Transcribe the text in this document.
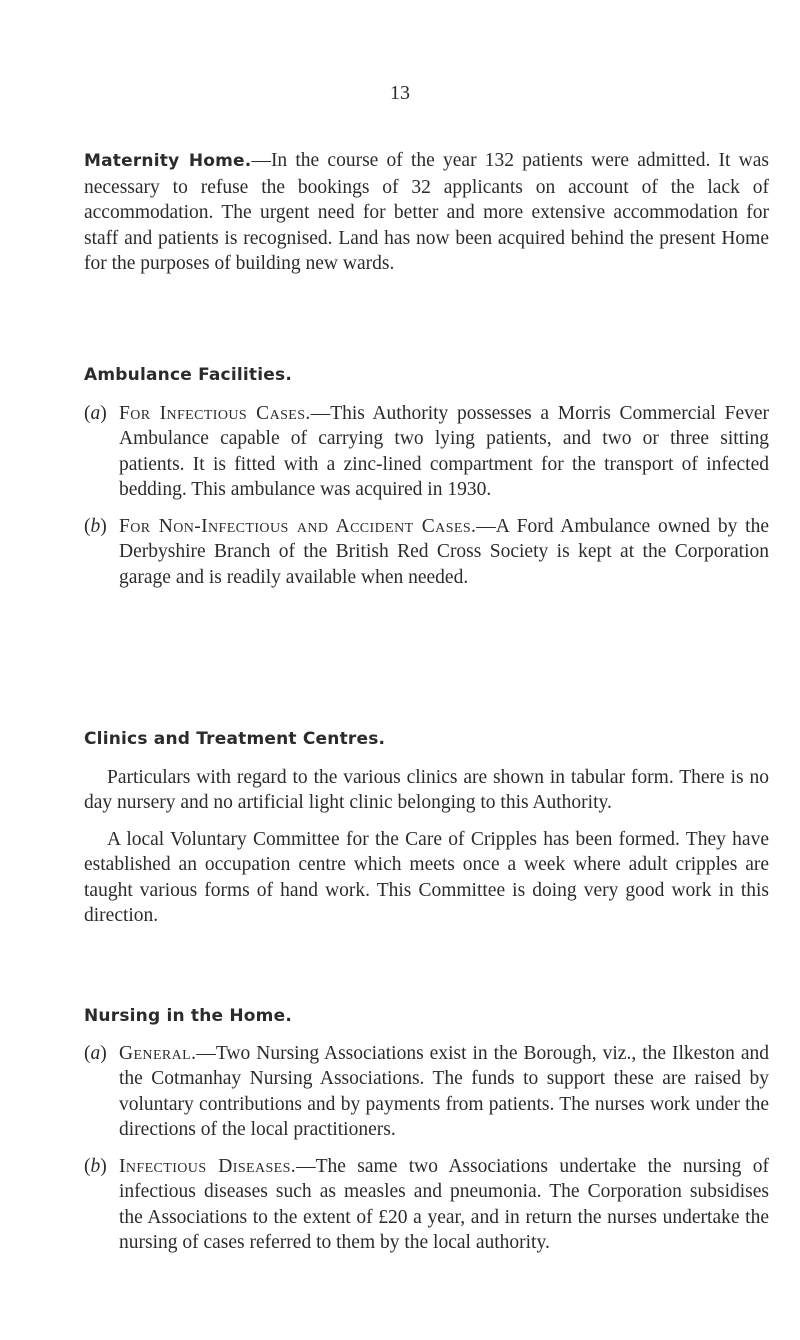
13

Maternity Home.—In the course of the year 132 patients were admitted. It was necessary to refuse the bookings of 32 applicants on account of the lack of accommodation. The urgent need for better and more extensive accommodation for staff and patients is recognised. Land has now been acquired behind the present Home for the purposes of building new wards.

Ambulance Facilities.
(a) For Infectious Cases.—This Authority possesses a Morris Commercial Fever Ambulance capable of carrying two lying patients, and two or three sitting patients. It is fitted with a zinc-lined compartment for the transport of infected bedding. This ambulance was acquired in 1930.

(b) For Non-Infectious and Accident Cases.—A Ford Ambulance owned by the Derbyshire Branch of the British Red Cross Society is kept at the Corporation garage and is readily available when needed.

Clinics and Treatment Centres.

Particulars with regard to the various clinics are shown in tabular form. There is no day nursery and no artificial light clinic belonging to this Authority.

A local Voluntary Committee for the Care of Cripples has been formed. They have established an occupation centre which meets once a week where adult cripples are taught various forms of hand work. This Committee is doing very good work in this direction.

Nursing in the Home.
(a) General.—Two Nursing Associations exist in the Borough, viz., the Ilkeston and the Cotmanhay Nursing Associations. The funds to support these are raised by voluntary contributions and by payments from patients. The nurses work under the directions of the local practitioners.

(b) Infectious Diseases.—The same two Associations undertake the nursing of infectious diseases such as measles and pneumonia. The Corporation subsidises the Associations to the extent of £20 a year, and in return the nurses undertake the nursing of cases referred to them by the local authority.
